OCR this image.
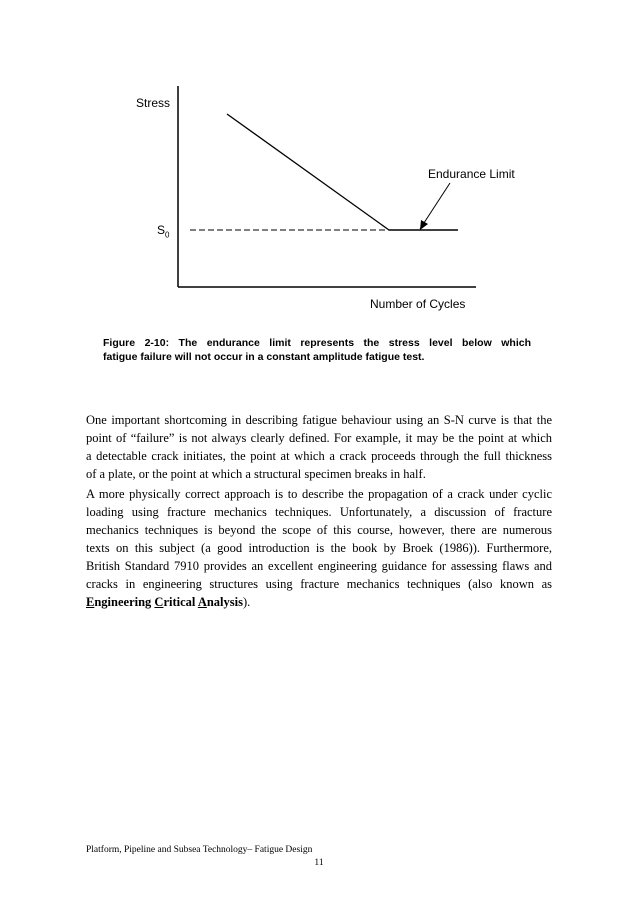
Stress
$S_0$
Endurance Limit
Number of Cycles
Figure 2-10: The endurance limit represents the stress level below which
fatigue failure will not occur in a constant amplitude fatigue test.
One important shortcoming in describing fatigue behaviour using an S-N curve is that the
point of “failure” is not always clearly defined. For example, it may be the point at which
a detectable crack initiates, the point at which a crack proceeds through the full thickness
of a plate, or the point at which a structural specimen breaks in half.
A more physically correct approach is to describe the propagation of a crack under cyclic
loading using fracture mechanics techniques. Unfortunately, a discussion of fracture
mechanics techniques is beyond the scope of this course, however, there are numerous
texts on this subject (a good introduction is the book by Broek (1986)). Furthermore,
British Standard 7910 provides an excellent engineering guidance for assessing flaws and
cracks in engineering structures using fracture mechanics techniques (also known as
Engineering Critical Analysis).
Platform, Pipeline and Subsea Technology– Fatigue Design
11
